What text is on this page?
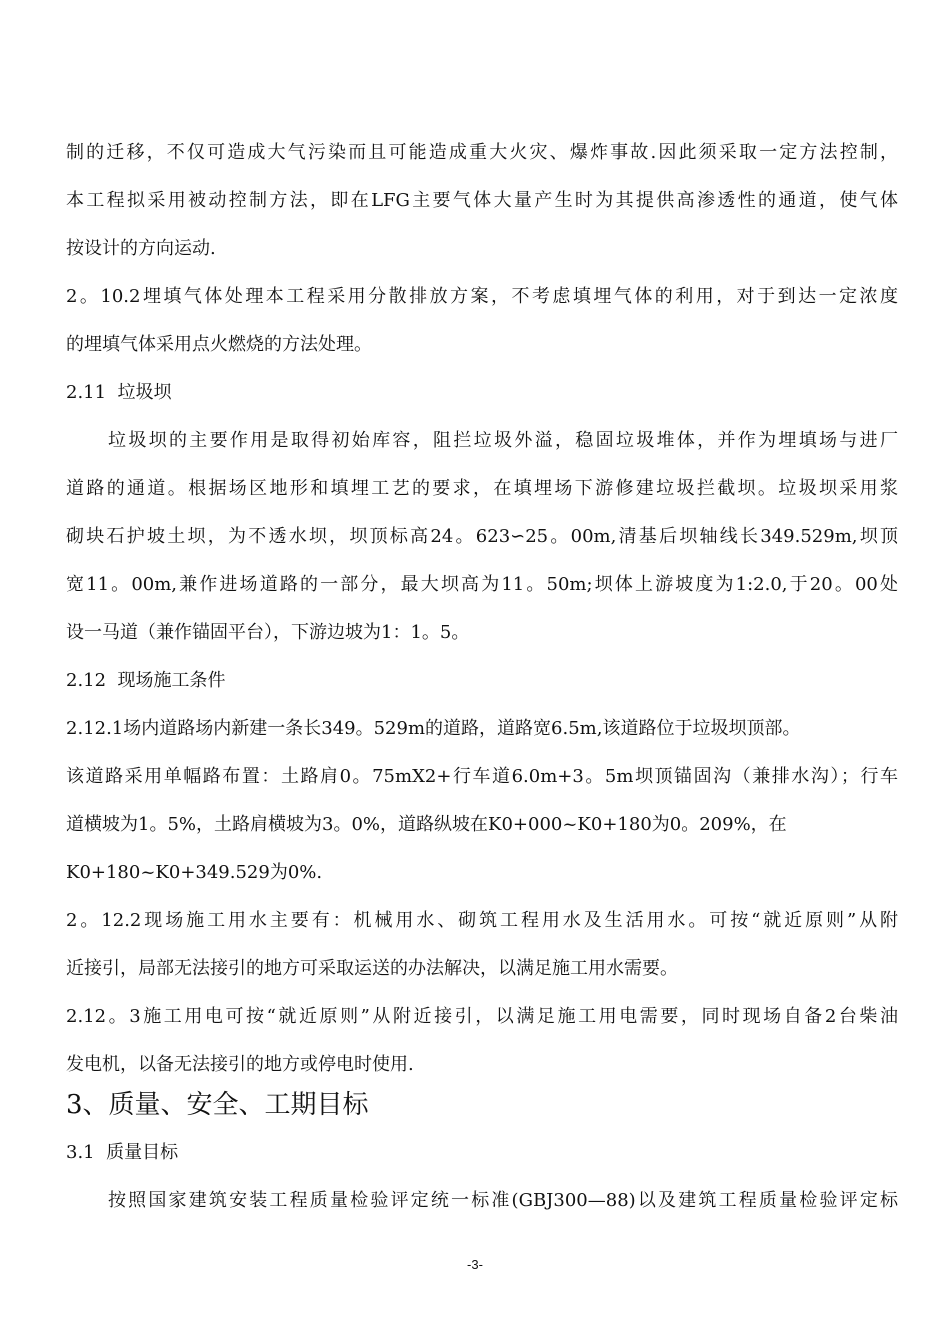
制的迁移，不仅可造成大气污染而且可能造成重大火灾、爆炸事故.因此须采取一定方法控制，

本工程拟采用被动控制方法，即在LFG主要气体大量产生时为其提供高渗透性的通道，使气体

按设计的方向运动.

2。10.2埋填气体处理本工程采用分散排放方案，不考虑填埋气体的利用，对于到达一定浓度

的埋填气体采用点火燃烧的方法处理。

2.11  垃圾坝

垃圾坝的主要作用是取得初始库容，阻拦垃圾外溢，稳固垃圾堆体，并作为埋填场与进厂

道路的通道。根据场区地形和填埋工艺的要求，在填埋场下游修建垃圾拦截坝。垃圾坝采用浆

砌块石护坡土坝，为不透水坝，坝顶标高24。623∽25。00m,清基后坝轴线长349.529m,坝顶

宽11。00m,兼作进场道路的一部分，最大坝高为11。50m;坝体上游坡度为1:2.0,于20。00处

设一马道（兼作锚固平台），下游边坡为1：1。5。

2.12  现场施工条件

2.12.1场内道路场内新建一条长349。529m的道路，道路宽6.5m,该道路位于垃圾坝顶部。

该道路采用单幅路布置：土路肩0。75mX2+行车道6.0m+3。5m坝顶锚固沟（兼排水沟）；行车

道横坡为1。5%，土路肩横坡为3。0%，道路纵坡在K0+000~K0+180为0。209%，在

K0+180~K0+349.529为0%.

2。12.2现场施工用水主要有：机械用水、砌筑工程用水及生活用水。可按“就近原则”从附

近接引，局部无法接引的地方可采取运送的办法解决，以满足施工用水需要。

2.12。3施工用电可按“就近原则”从附近接引，以满足施工用电需要，同时现场自备2台柴油

发电机，以备无法接引的地方或停电时使用.

3、质量、安全、工期目标

3.1  质量目标

按照国家建筑安装工程质量检验评定统一标准(GBJ300—88)以及建筑工程质量检验评定标

-3-
